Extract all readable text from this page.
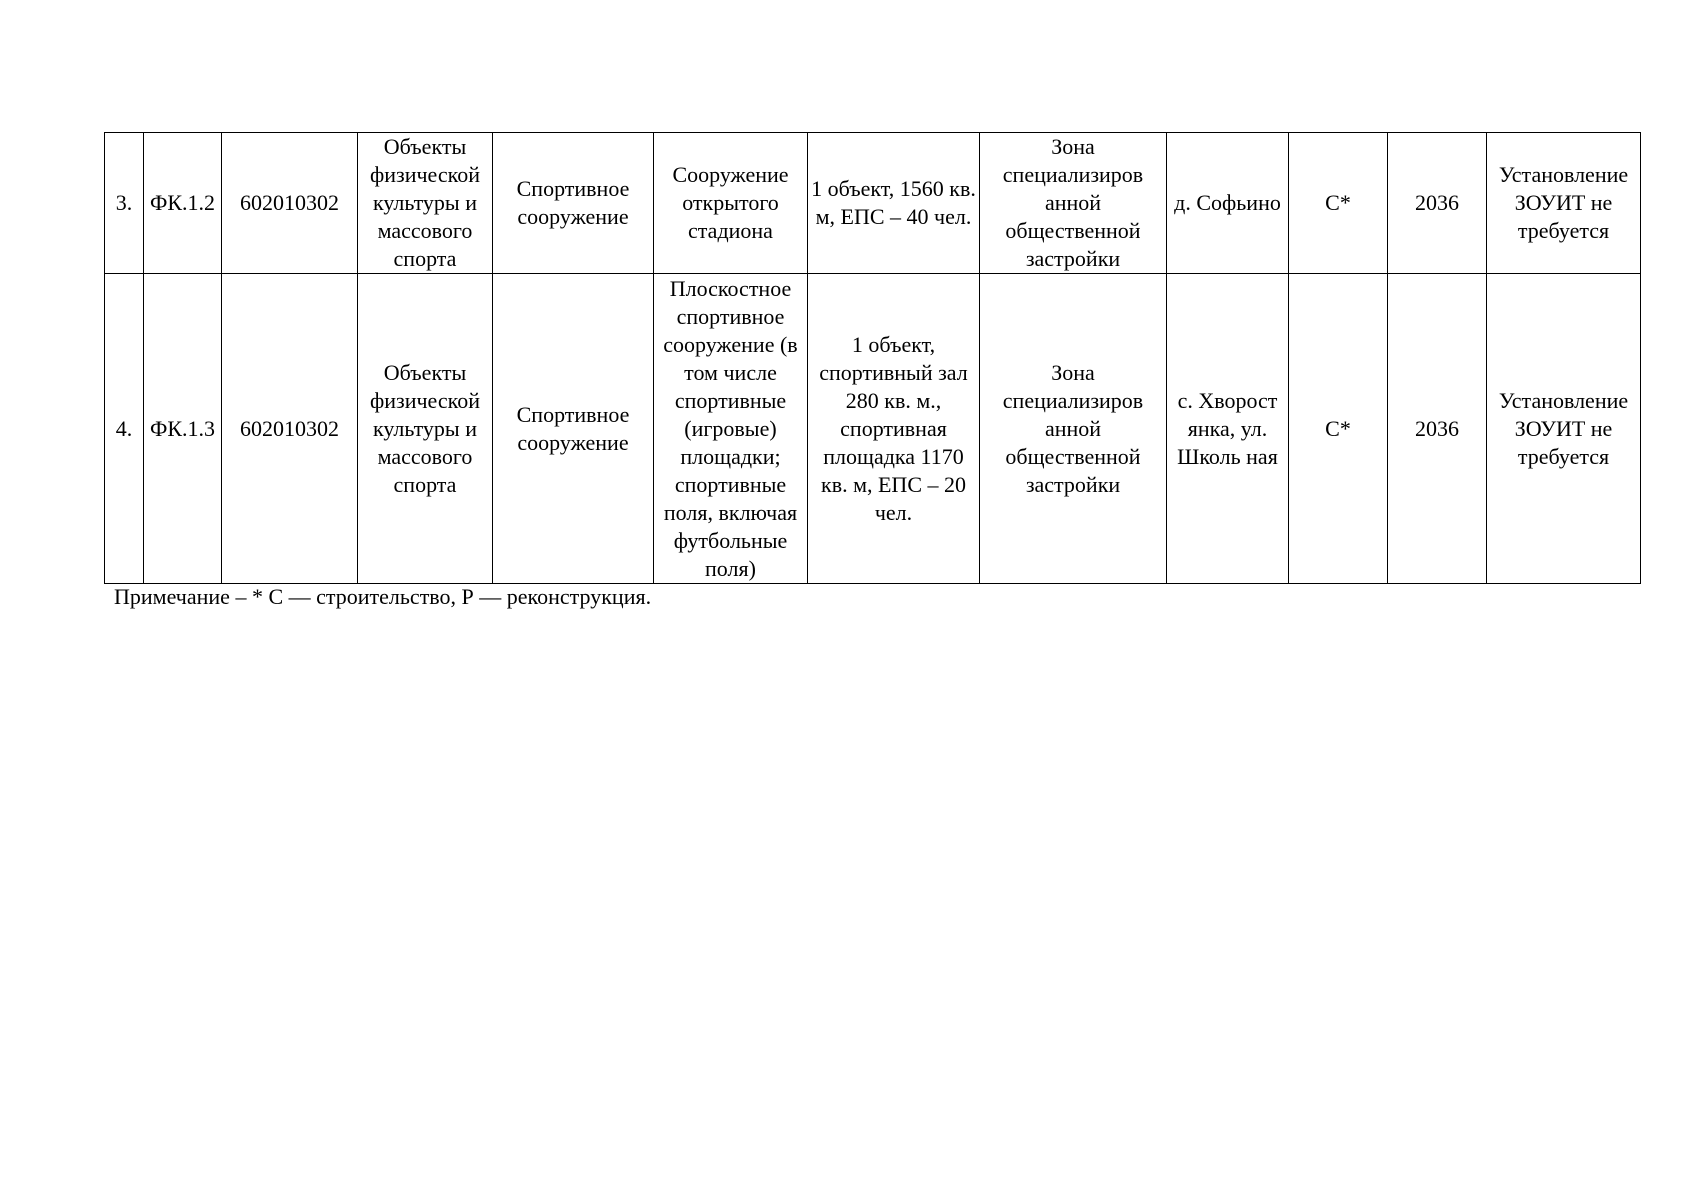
3.	ФК.1.2	602010302	Объекты физической культуры и массового спорта	Спортивное сооружение	Сооружение открытого стадиона	1 объект, 1560 кв. м, ЕПС – 40 чел.	Зона специализиров анной общественной застройки	д. Софьино	С*	2036	Установление ЗОУИТ не требуется

4.	ФК.1.3	602010302	Объекты физической культуры и массового спорта	Спортивное сооружение	Плоскостное спортивное сооружение (в том числе спортивные (игровые) площадки; спортивные поля, включая футбольные поля)	1 объект, спортивный зал 280 кв. м., спортивная площадка 1170 кв. м, ЕПС – 20 чел.	Зона специализиров анной общественной застройки	с. Хворост янка, ул. Школь ная	С*	2036	Установление ЗОУИТ не требуется
Примечание – * С — строительство, Р — реконструкция.
